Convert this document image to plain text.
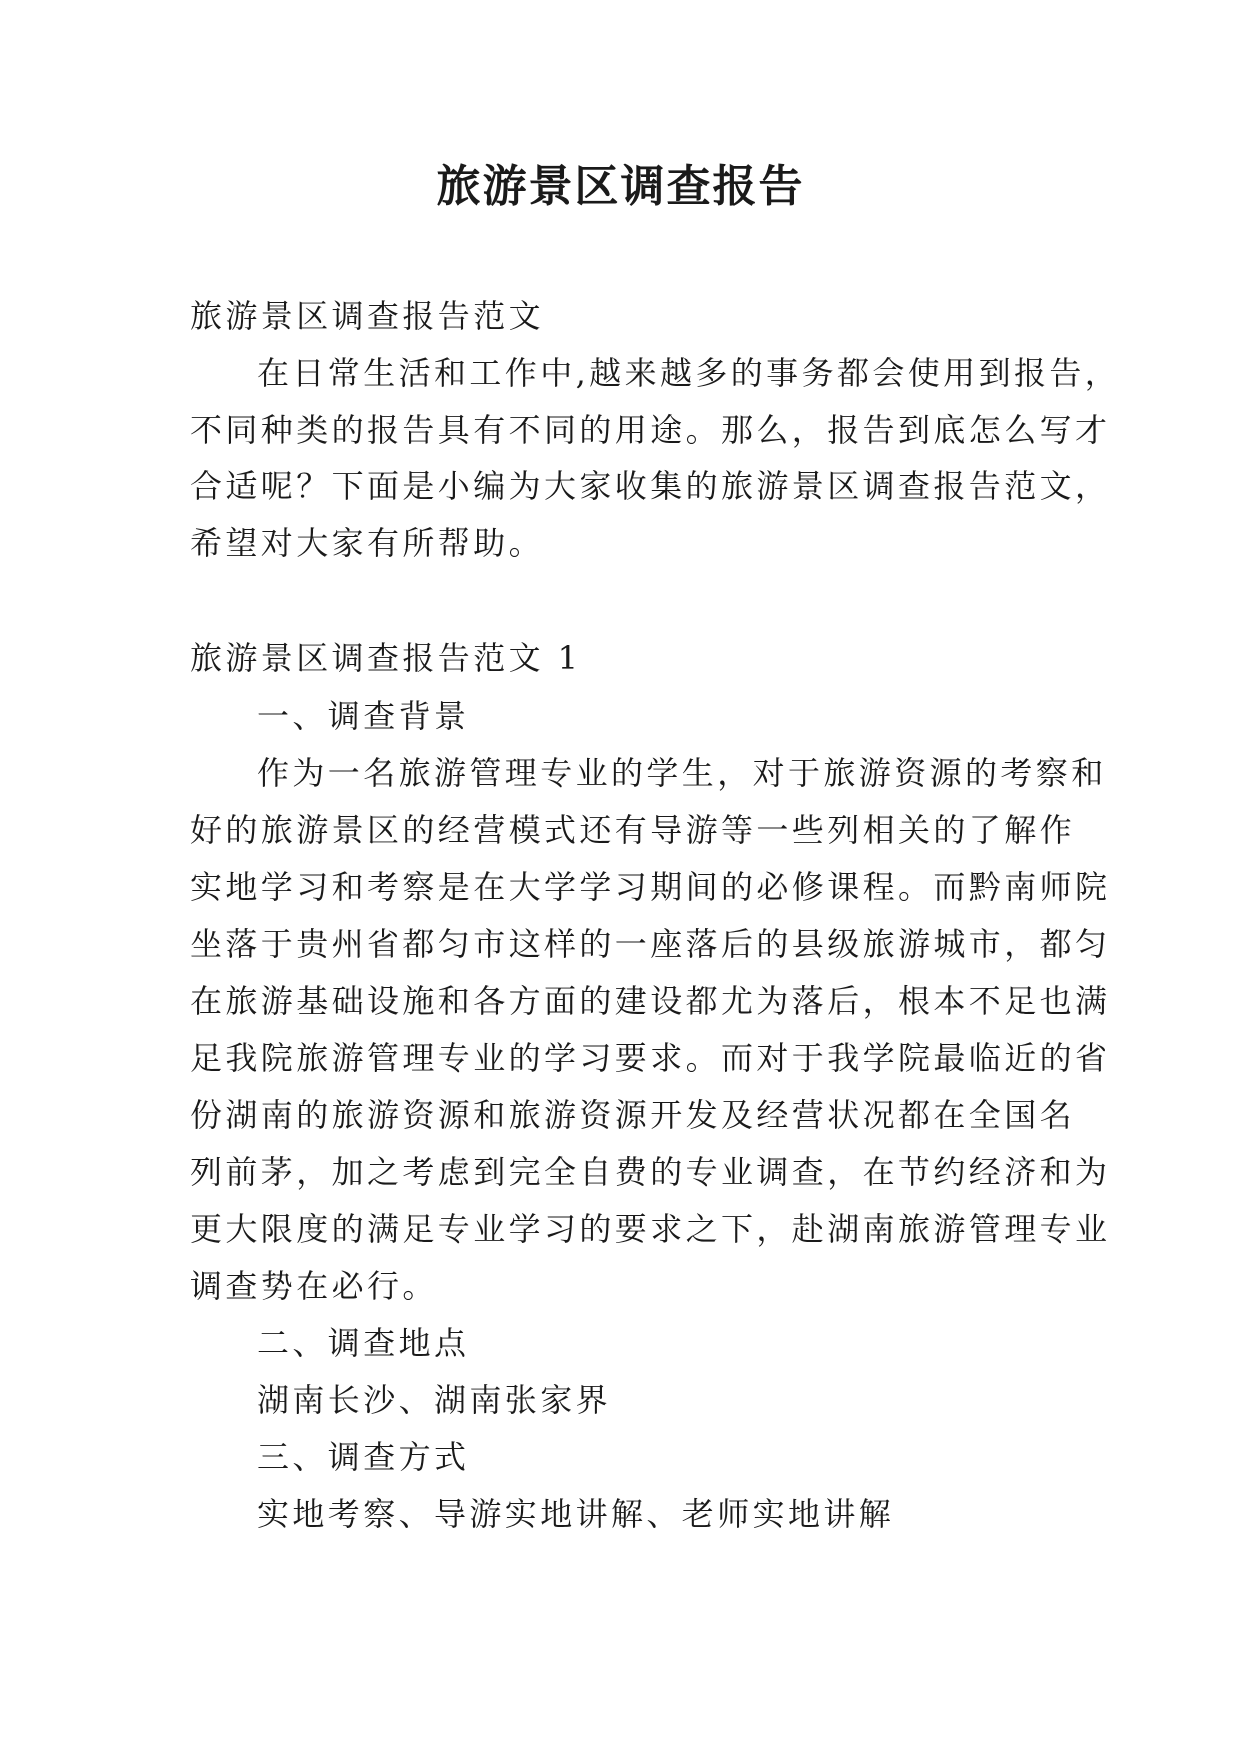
旅游景区调查报告

旅游景区调查报告范文

在日常生活和工作中,越来越多的事务都会使用到报告，

不同种类的报告具有不同的用途。那么，报告到底怎么写才

合适呢？下面是小编为大家收集的旅游景区调查报告范文，

希望对大家有所帮助。

旅游景区调查报告范文 1

一、调查背景

作为一名旅游管理专业的学生，对于旅游资源的考察和

好的旅游景区的经营模式还有导游等一些列相关的了解作

实地学习和考察是在大学学习期间的必修课程。而黔南师院

坐落于贵州省都匀市这样的一座落后的县级旅游城市，都匀

在旅游基础设施和各方面的建设都尤为落后，根本不足也满

足我院旅游管理专业的学习要求。而对于我学院最临近的省

份湖南的旅游资源和旅游资源开发及经营状况都在全国名

列前茅，加之考虑到完全自费的专业调查，在节约经济和为

更大限度的满足专业学习的要求之下，赴湖南旅游管理专业

调查势在必行。

二、调查地点

湖南长沙、湖南张家界

三、调查方式

实地考察、导游实地讲解、老师实地讲解
